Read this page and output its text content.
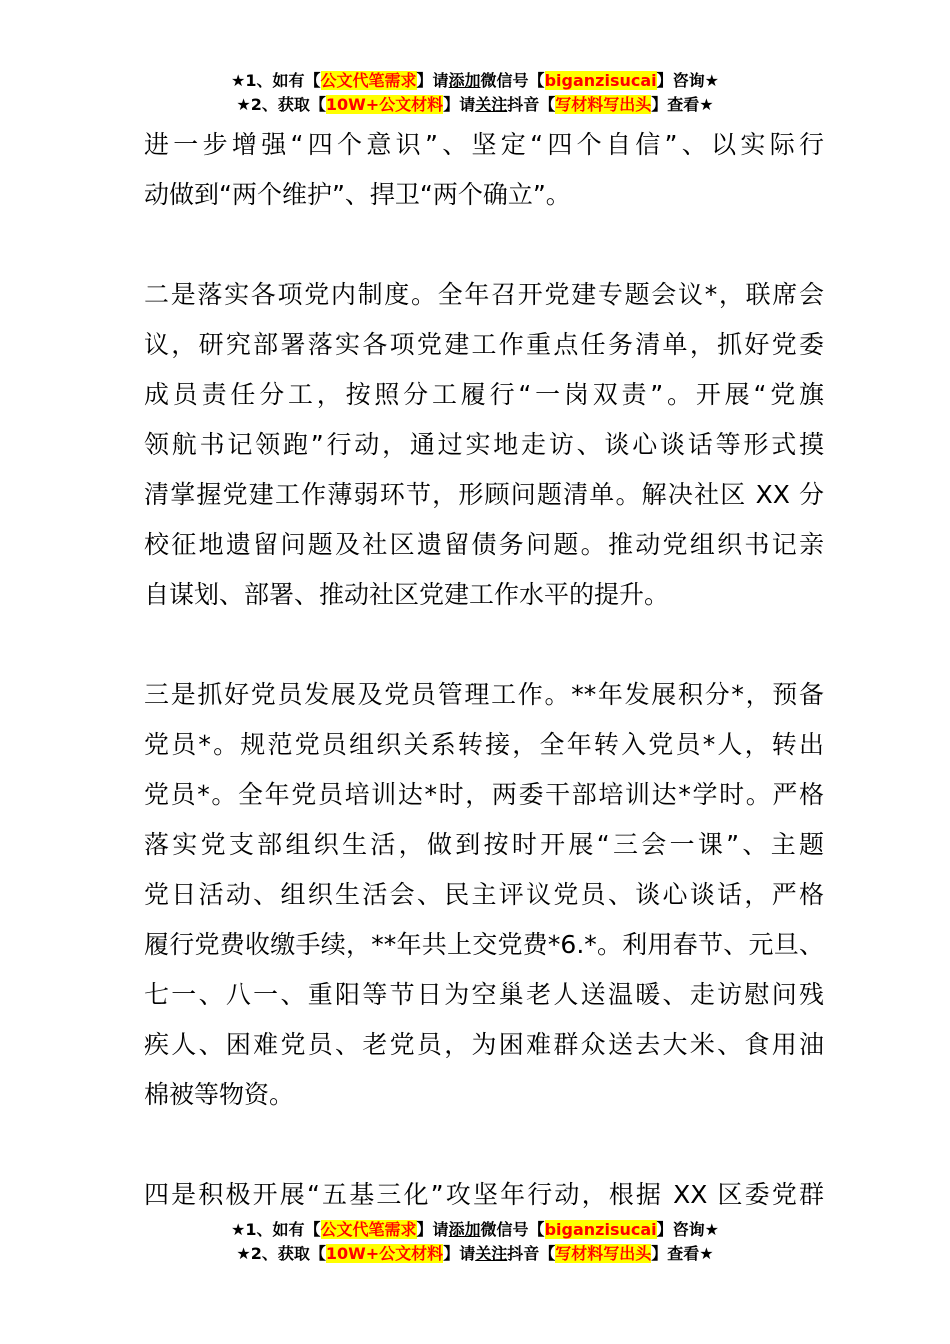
★1、如有【公文代笔需求】请添加微信号【biganzisucai】咨询★
★2、获取【10W+公文材料】请关注抖音【写材料写出头】查看★
进一步增强“四个意识”、坚定“四个自信”、以实际行
动做到“两个维护”、捍卫“两个确立”。
二是落实各项党内制度。全年召开党建专题会议*，联席会
议，研究部署落实各项党建工作重点任务清单，抓好党委
成员责任分工，按照分工履行“一岗双责”。开展“党旗
领航书记领跑”行动，通过实地走访、谈心谈话等形式摸
清掌握党建工作薄弱环节，形顾问题清单。解决社区 XX 分
校征地遗留问题及社区遗留债务问题。推动党组织书记亲
自谋划、部署、推动社区党建工作水平的提升。
三是抓好党员发展及党员管理工作。**年发展积分*，预备
党员*。规范党员组织关系转接，全年转入党员*人，转出
党员*。全年党员培训达*时，两委干部培训达*学时。严格
落实党支部组织生活，做到按时开展“三会一课”、主题
党日活动、组织生活会、民主评议党员、谈心谈话，严格
履行党费收缴手续，**年共上交党费*6.*。利用春节、元旦、
七一、八一、重阳等节日为空巢老人送温暖、走访慰问残
疾人、困难党员、老党员，为困难群众送去大米、食用油
棉被等物资。
四是积极开展“五基三化”攻坚年行动，根据 XX 区委党群
★1、如有【公文代笔需求】请添加微信号【biganzisucai】咨询★
★2、获取【10W+公文材料】请关注抖音【写材料写出头】查看★
